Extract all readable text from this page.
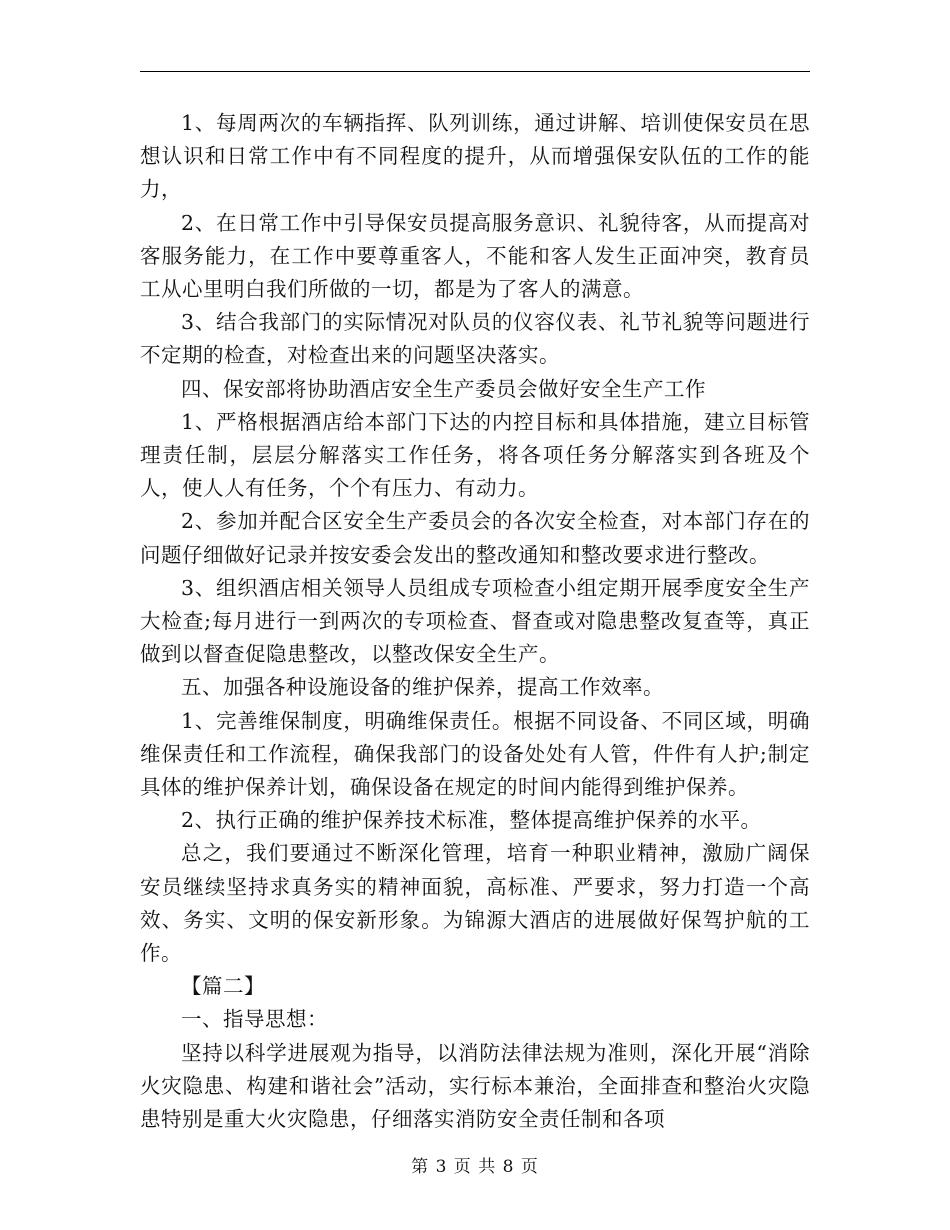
1、每周两次的车辆指挥、队列训练，通过讲解、培训使保安员在思想认识和日常工作中有不同程度的提升，从而增强保安队伍的工作的能力，

2、在日常工作中引导保安员提高服务意识、礼貌待客，从而提高对客服务能力，在工作中要尊重客人，不能和客人发生正面冲突，教育员工从心里明白我们所做的一切，都是为了客人的满意。

3、结合我部门的实际情况对队员的仪容仪表、礼节礼貌等问题进行不定期的检查，对检查出来的问题坚决落实。

四、保安部将协助酒店安全生产委员会做好安全生产工作

1、严格根据酒店给本部门下达的内控目标和具体措施，建立目标管理责任制，层层分解落实工作任务，将各项任务分解落实到各班及个人，使人人有任务，个个有压力、有动力。

2、参加并配合区安全生产委员会的各次安全检查，对本部门存在的问题仔细做好记录并按安委会发出的整改通知和整改要求进行整改。

3、组织酒店相关领导人员组成专项检查小组定期开展季度安全生产大检查;每月进行一到两次的专项检查、督查或对隐患整改复查等，真正做到以督查促隐患整改，以整改保安全生产。

五、加强各种设施设备的维护保养，提高工作效率。

1、完善维保制度，明确维保责任。根据不同设备、不同区域，明确维保责任和工作流程，确保我部门的设备处处有人管，件件有人护;制定具体的维护保养计划，确保设备在规定的时间内能得到维护保养。

2、执行正确的维护保养技术标准，整体提高维护保养的水平。

总之，我们要通过不断深化管理，培育一种职业精神，激励广阔保安员继续坚持求真务实的精神面貌，高标准、严要求，努力打造一个高效、务实、文明的保安新形象。为锦源大酒店的进展做好保驾护航的工作。

【篇二】

一、指导思想：

坚持以科学进展观为指导，以消防法律法规为准则，深化开展“消除火灾隐患、构建和谐社会”活动，实行标本兼治，全面排查和整治火灾隐患特别是重大火灾隐患，仔细落实消防安全责任制和各项

第 3 页 共 8 页
